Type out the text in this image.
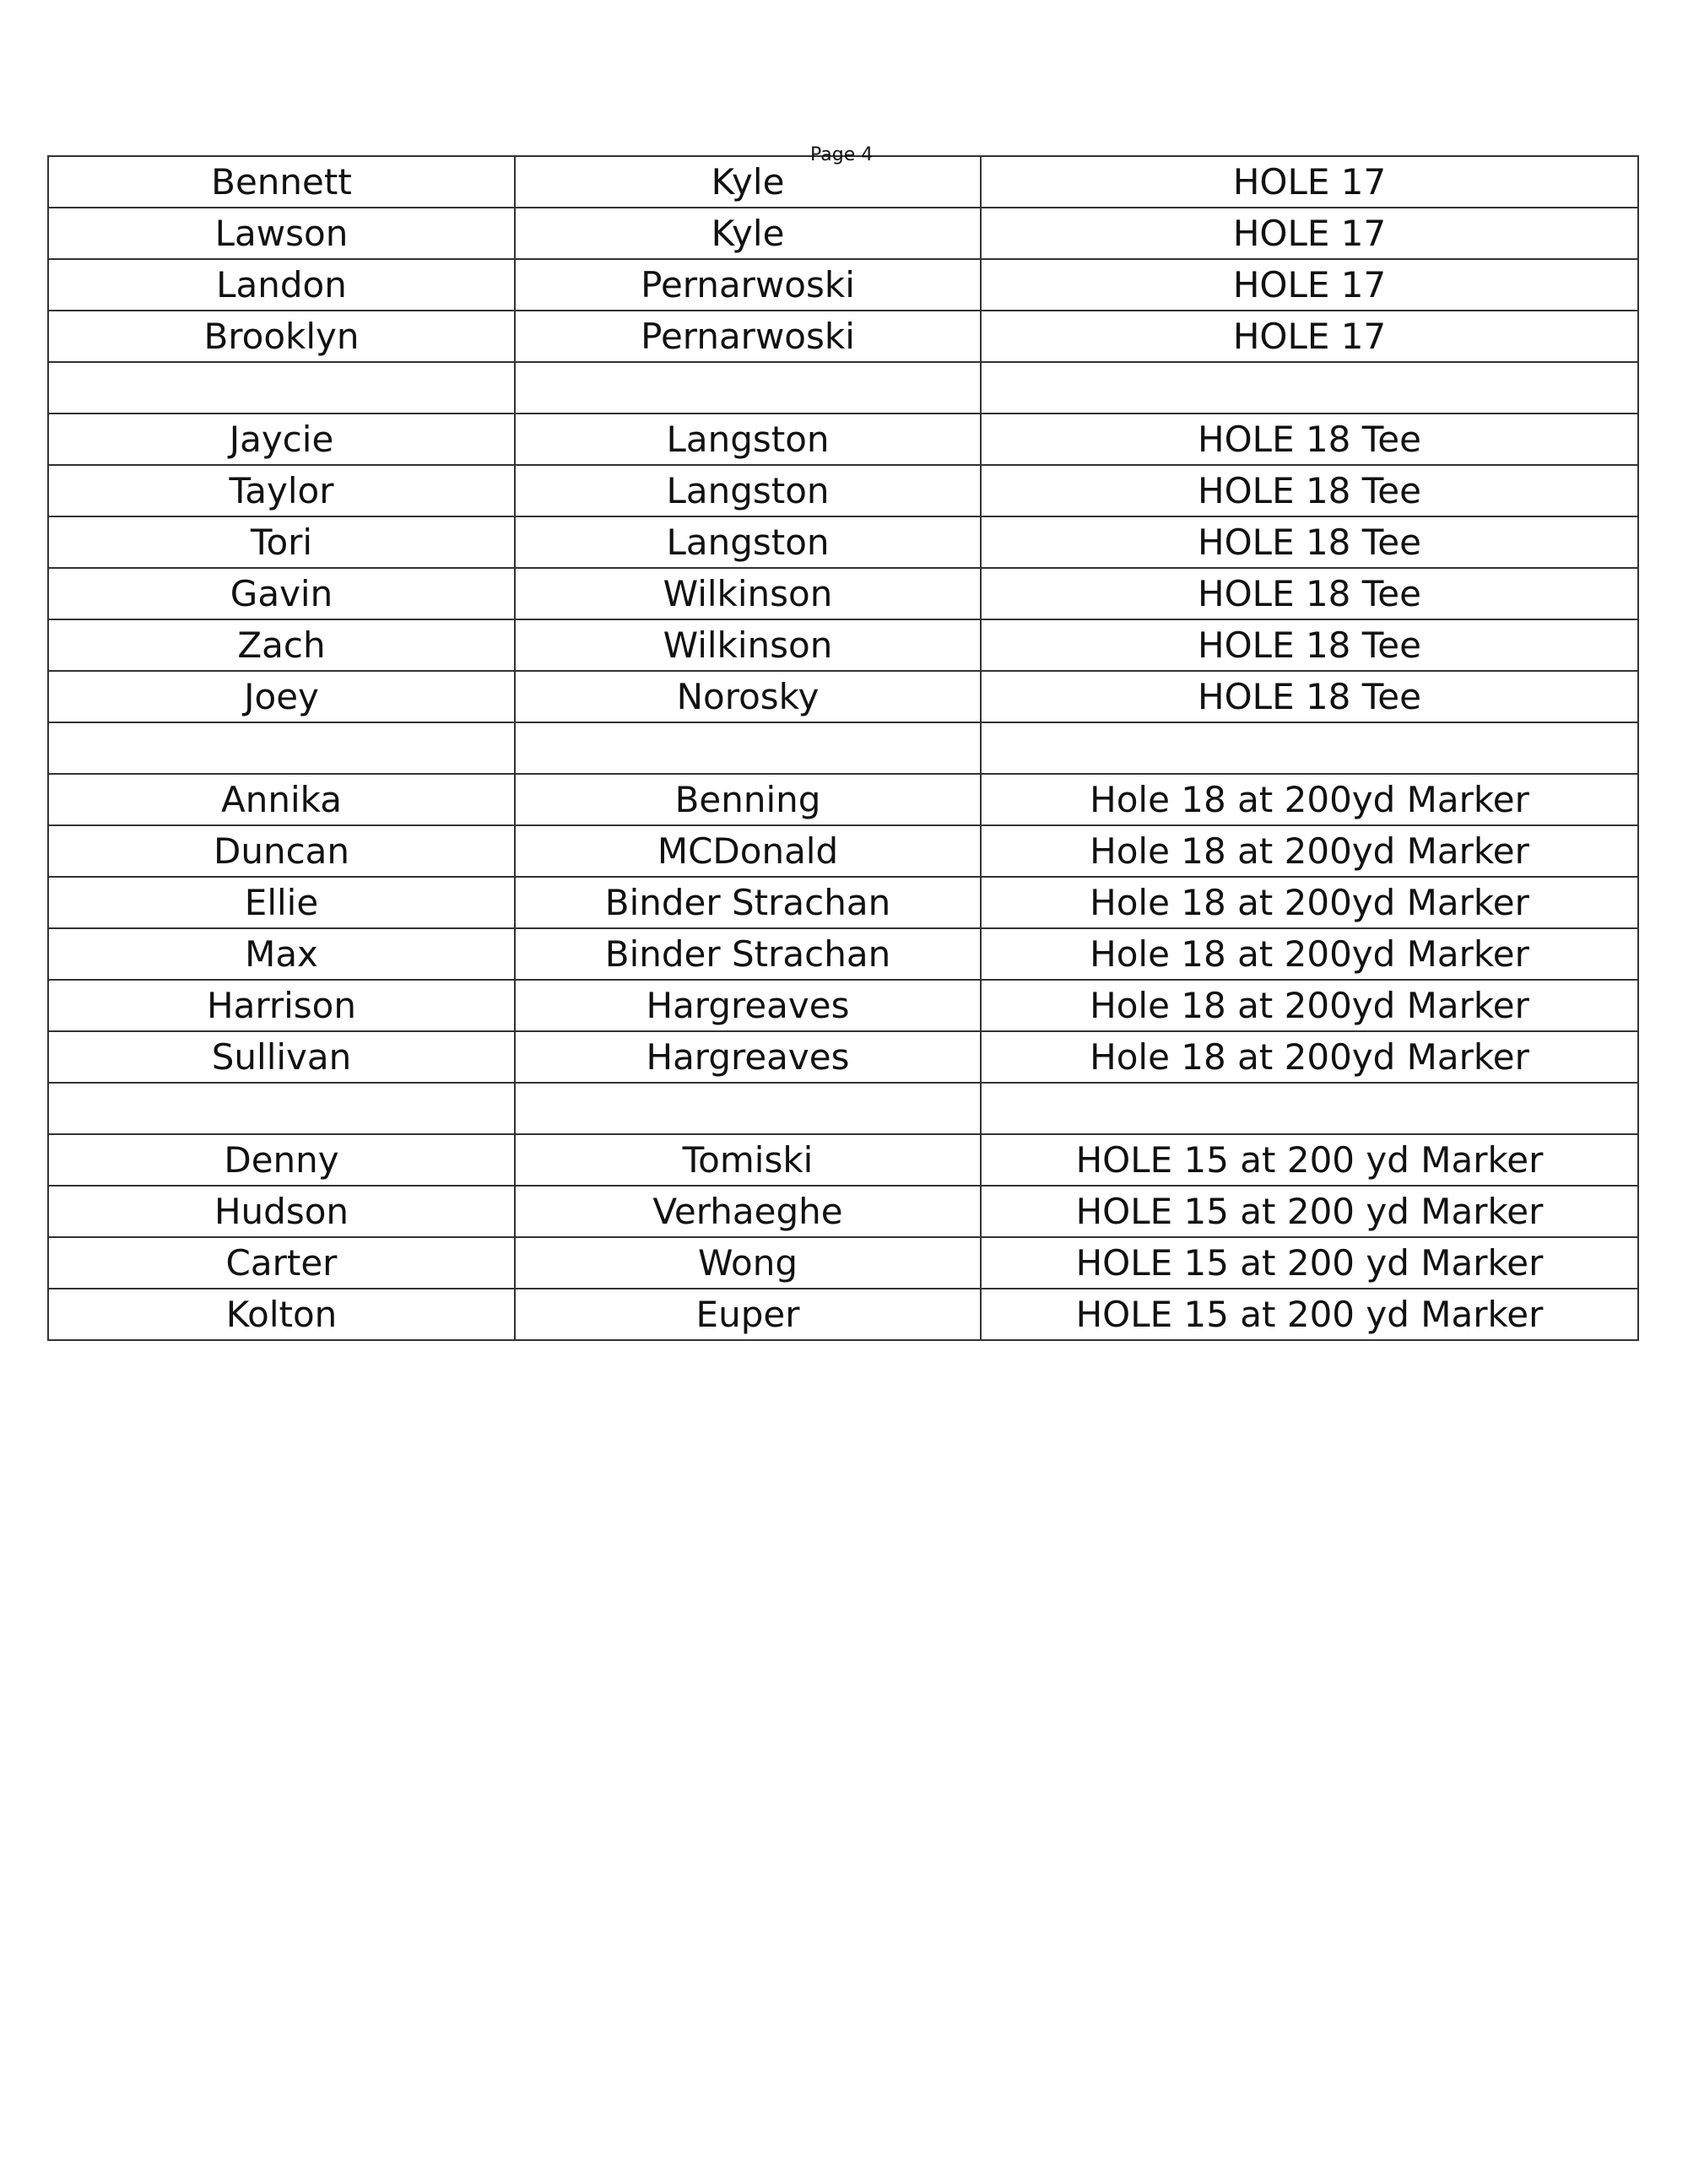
Page 4
Bennett	Kyle	HOLE 17
Lawson	Kyle	HOLE 17
Landon	Pernarwoski	HOLE 17
Brooklyn	Pernarwoski	HOLE 17

Jaycie	Langston	HOLE 18 Tee
Taylor	Langston	HOLE 18 Tee
Tori	Langston	HOLE 18 Tee
Gavin	Wilkinson	HOLE 18 Tee
Zach	Wilkinson	HOLE 18 Tee
Joey	Norosky	HOLE 18 Tee

Annika	Benning	Hole 18 at 200yd Marker
Duncan	MCDonald	Hole 18 at 200yd Marker
Ellie	Binder Strachan	Hole 18 at 200yd Marker
Max	Binder Strachan	Hole 18 at 200yd Marker
Harrison	Hargreaves	Hole 18 at 200yd Marker
Sullivan	Hargreaves	Hole 18 at 200yd Marker

Denny	Tomiski	HOLE 15 at 200 yd Marker
Hudson	Verhaeghe	HOLE 15 at 200 yd Marker
Carter	Wong	HOLE 15 at 200 yd Marker
Kolton	Euper	HOLE 15 at 200 yd Marker
